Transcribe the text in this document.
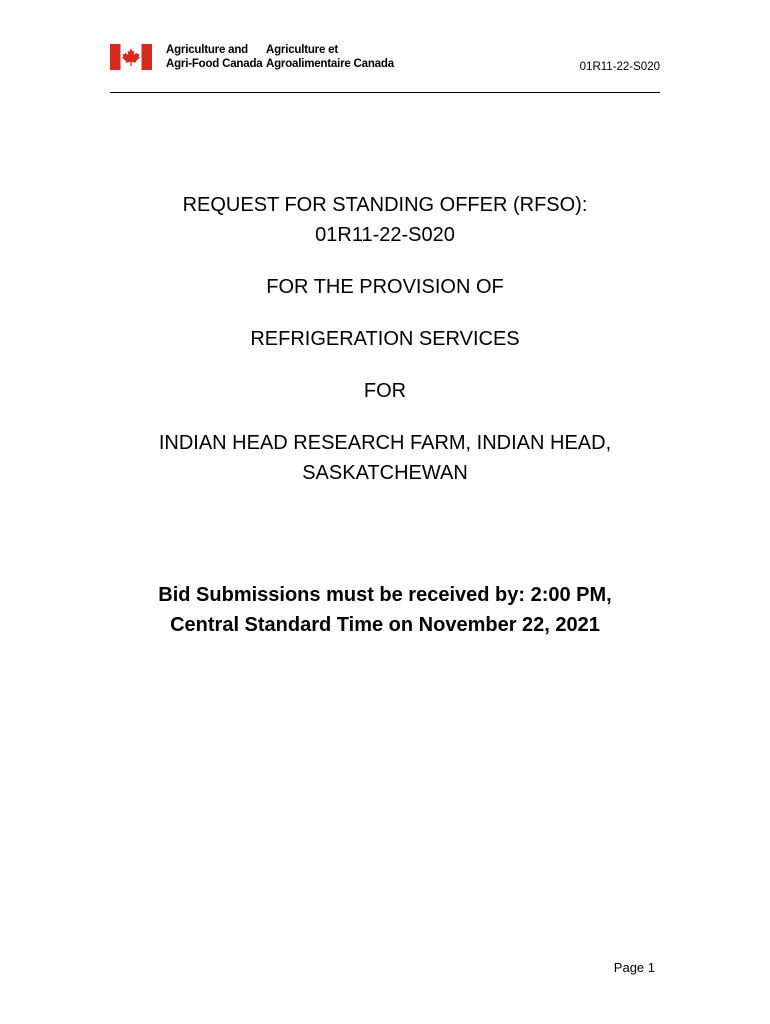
Agriculture and
Agri-Food Canada
Agriculture et
Agroalimentaire Canada	01R11-22-S020
REQUEST FOR STANDING OFFER (RFSO):
01R11-22-S020
FOR THE PROVISION OF
REFRIGERATION SERVICES
FOR
INDIAN HEAD RESEARCH FARM, INDIAN HEAD,
SASKATCHEWAN
Bid Submissions must be received by: 2:00 PM,
Central Standard Time on November 22, 2021
Page 1
